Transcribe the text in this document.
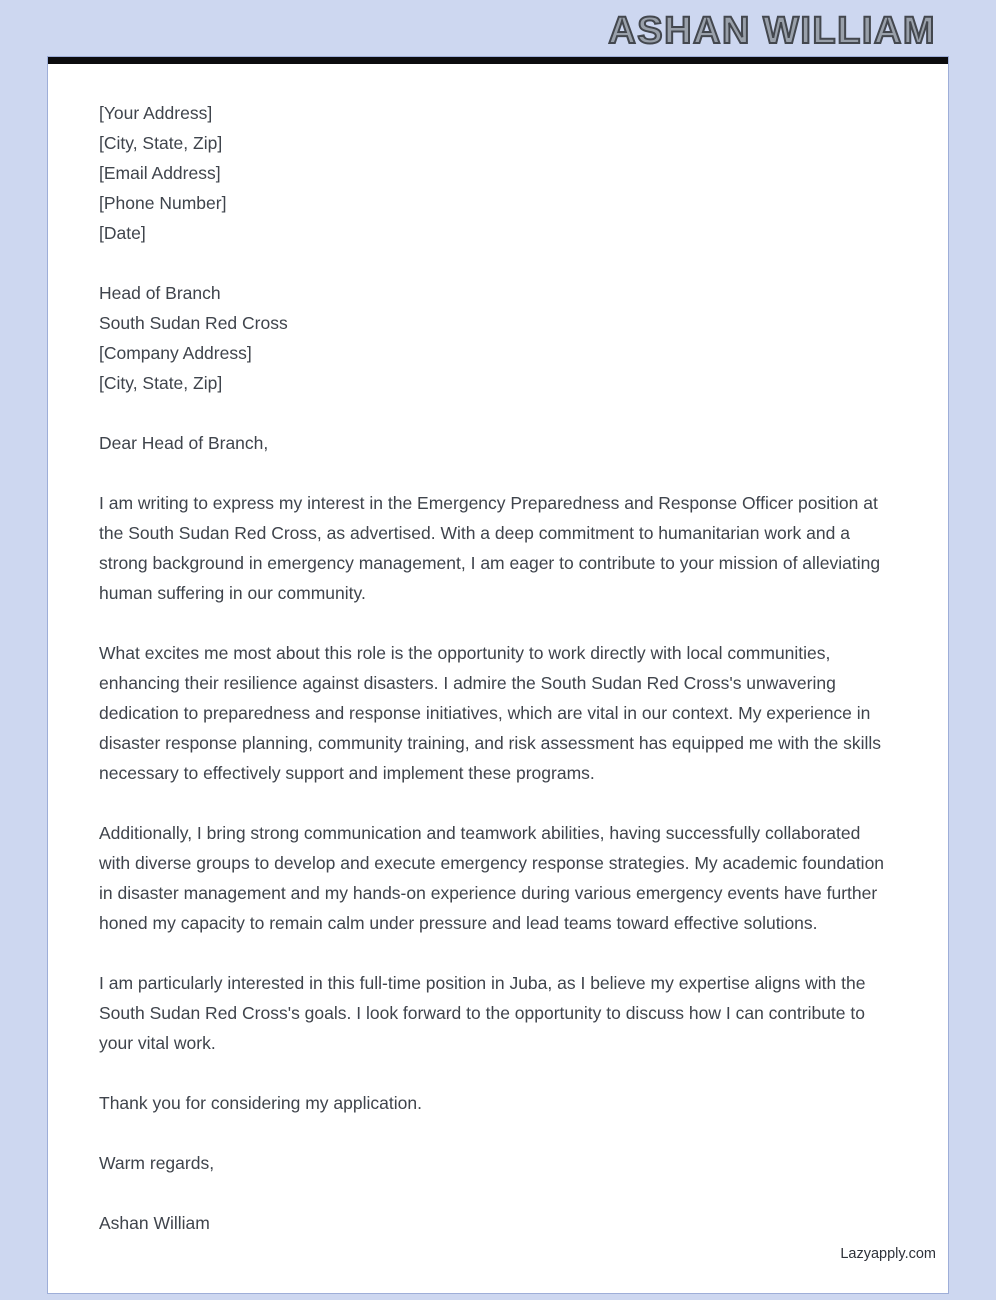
ASHAN WILLIAM
[Your Address]
[City, State, Zip]
[Email Address]
[Phone Number]
[Date]
Head of Branch
South Sudan Red Cross
[Company Address]
[City, State, Zip]

Dear Head of Branch,

I am writing to express my interest in the Emergency Preparedness and Response Officer position at the South Sudan Red Cross, as advertised. With a deep commitment to humanitarian work and a strong background in emergency management, I am eager to contribute to your mission of alleviating human suffering in our community.

What excites me most about this role is the opportunity to work directly with local communities, enhancing their resilience against disasters. I admire the South Sudan Red Cross's unwavering dedication to preparedness and response initiatives, which are vital in our context. My experience in disaster response planning, community training, and risk assessment has equipped me with the skills necessary to effectively support and implement these programs.

Additionally, I bring strong communication and teamwork abilities, having successfully collaborated with diverse groups to develop and execute emergency response strategies. My academic foundation in disaster management and my hands-on experience during various emergency events have further honed my capacity to remain calm under pressure and lead teams toward effective solutions.

I am particularly interested in this full-time position in Juba, as I believe my expertise aligns with the South Sudan Red Cross's goals. I look forward to the opportunity to discuss how I can contribute to your vital work.

Thank you for considering my application.

Warm regards,

Ashan William

Lazyapply.com
